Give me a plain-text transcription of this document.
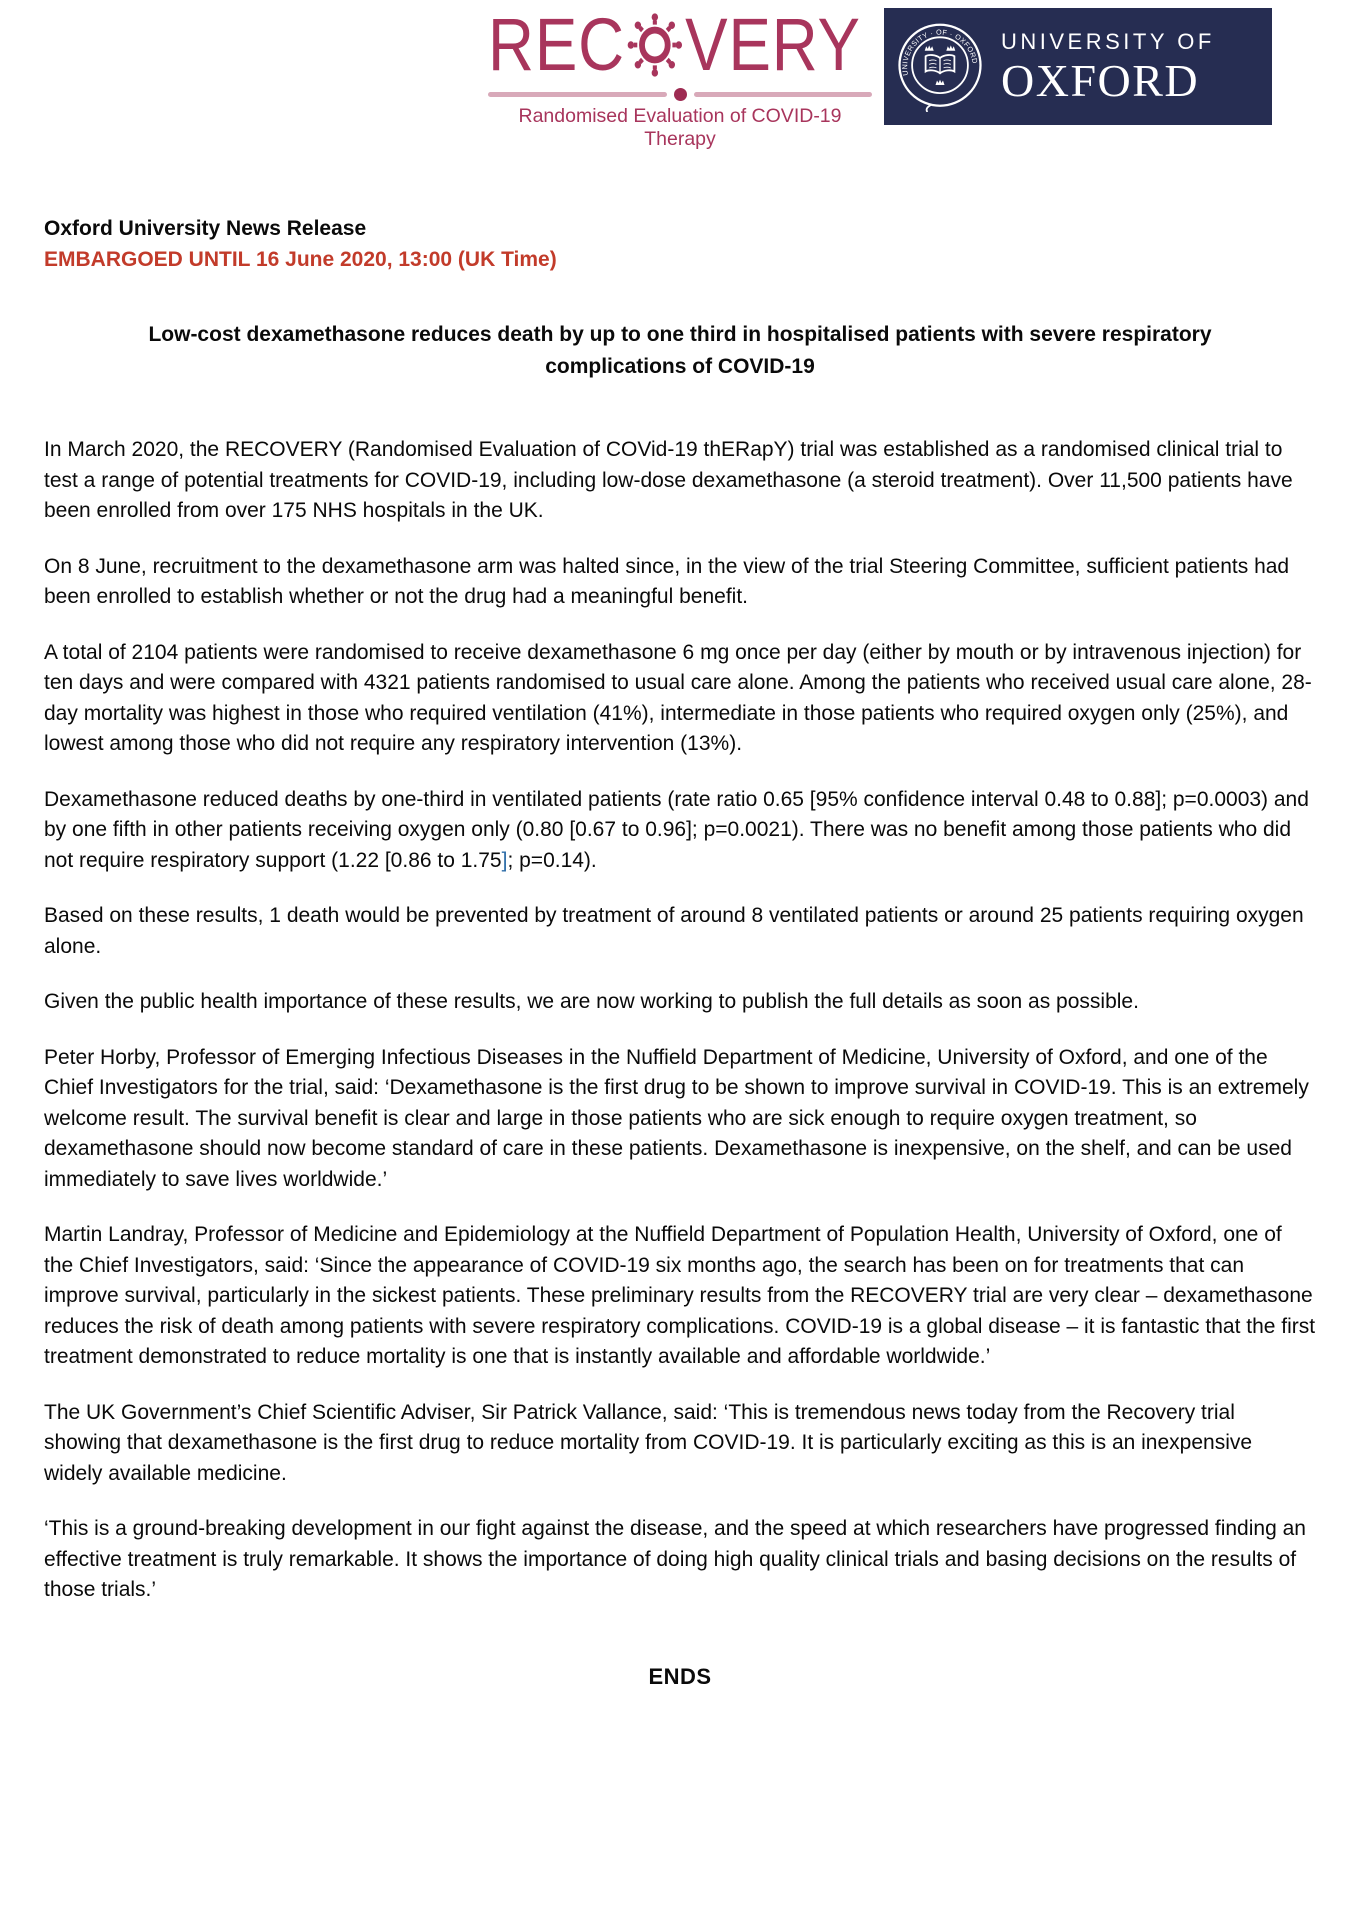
REC VERY
Randomised Evaluation of COVID-19 Therapy
UNIVERSITY · OF · OXFORD
UNIVERSITY OF
OXFORD

Oxford University News Release

EMBARGOED UNTIL 16 June 2020, 13:00 (UK Time)

Low-cost dexamethasone reduces death by up to one third in hospitalised patients with severe respiratory complications of COVID-19

In March 2020, the RECOVERY (Randomised Evaluation of COVid-19 thERapY) trial was established as a randomised clinical trial to test a range of potential treatments for COVID-19, including low-dose dexamethasone (a steroid treatment). Over 11,500 patients have been enrolled from over 175 NHS hospitals in the UK.

On 8 June, recruitment to the dexamethasone arm was halted since, in the view of the trial Steering Committee, sufficient patients had been enrolled to establish whether or not the drug had a meaningful benefit.

A total of 2104 patients were randomised to receive dexamethasone 6 mg once per day (either by mouth or by intravenous injection) for ten days and were compared with 4321 patients randomised to usual care alone. Among the patients who received usual care alone, 28-day mortality was highest in those who required ventilation (41%), intermediate in those patients who required oxygen only (25%), and lowest among those who did not require any respiratory intervention (13%).

Dexamethasone reduced deaths by one-third in ventilated patients (rate ratio 0.65 [95% confidence interval 0.48 to 0.88]; p=0.0003) and by one fifth in other patients receiving oxygen only (0.80 [0.67 to 0.96]; p=0.0021). There was no benefit among those patients who did not require respiratory support (1.22 [0.86 to 1.75]; p=0.14).

Based on these results, 1 death would be prevented by treatment of around 8 ventilated patients or around 25 patients requiring oxygen alone.

Given the public health importance of these results, we are now working to publish the full details as soon as possible.

Peter Horby, Professor of Emerging Infectious Diseases in the Nuffield Department of Medicine, University of Oxford, and one of the Chief Investigators for the trial, said: ‘Dexamethasone is the first drug to be shown to improve survival in COVID-19. This is an extremely welcome result. The survival benefit is clear and large in those patients who are sick enough to require oxygen treatment, so dexamethasone should now become standard of care in these patients. Dexamethasone is inexpensive, on the shelf, and can be used immediately to save lives worldwide.’

Martin Landray, Professor of Medicine and Epidemiology at the Nuffield Department of Population Health, University of Oxford, one of the Chief Investigators, said: ‘Since the appearance of COVID-19 six months ago, the search has been on for treatments that can improve survival, particularly in the sickest patients. These preliminary results from the RECOVERY trial are very clear – dexamethasone reduces the risk of death among patients with severe respiratory complications. COVID-19 is a global disease – it is fantastic that the first treatment demonstrated to reduce mortality is one that is instantly available and affordable worldwide.’

The UK Government’s Chief Scientific Adviser, Sir Patrick Vallance, said: ‘This is tremendous news today from the Recovery trial showing that dexamethasone is the first drug to reduce mortality from COVID-19. It is particularly exciting as this is an inexpensive widely available medicine.

‘This is a ground-breaking development in our fight against the disease, and the speed at which researchers have progressed finding an effective treatment is truly remarkable. It shows the importance of doing high quality clinical trials and basing decisions on the results of those trials.’

ENDS
